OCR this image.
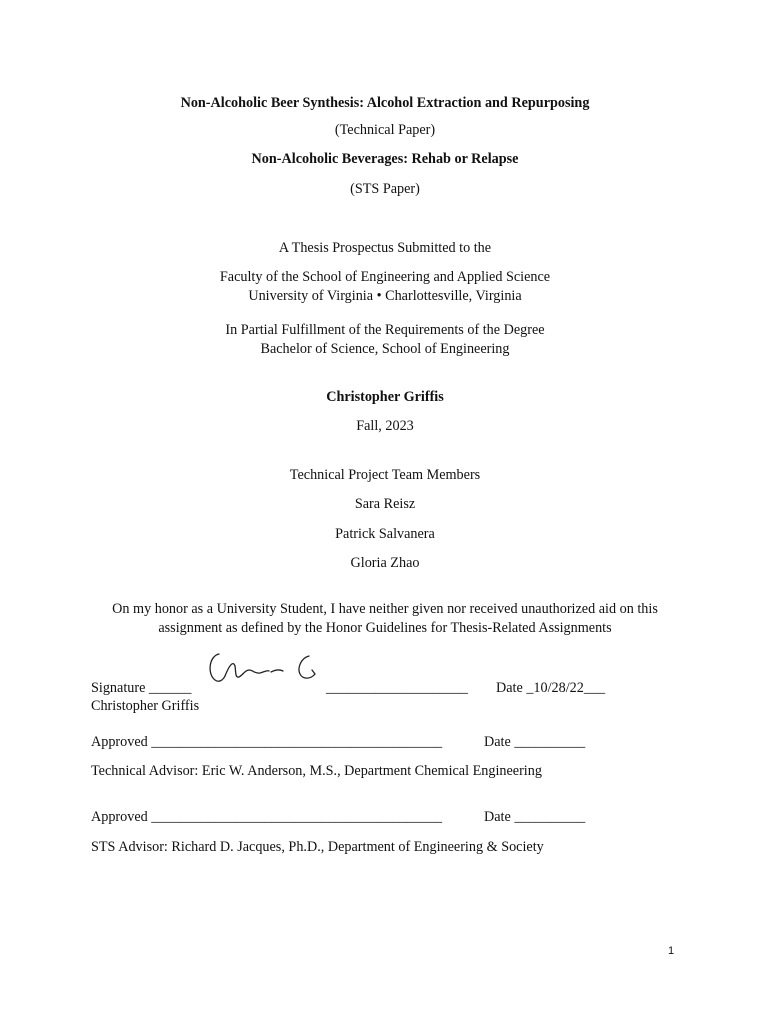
Non-Alcoholic Beer Synthesis: Alcohol Extraction and Repurposing
(Technical Paper)
Non-Alcoholic Beverages: Rehab or Relapse
(STS Paper)
A Thesis Prospectus Submitted to the
Faculty of the School of Engineering and Applied Science
University of Virginia • Charlottesville, Virginia
In Partial Fulfillment of the Requirements of the Degree
Bachelor of Science, School of Engineering
Christopher Griffis
Fall, 2023
Technical Project Team Members
Sara Reisz
Patrick Salvanera
Gloria Zhao
On my honor as a University Student, I have neither given nor received unauthorized aid on this
assignment as defined by the Honor Guidelines for Thesis-Related Assignments
Signature ______	____________________ Date _10/28/22___
Christopher Griffis
Approved _________________________________________	Date __________
Technical Advisor: Eric W. Anderson, M.S., Department Chemical Engineering
Approved _________________________________________	Date __________
STS Advisor: Richard D. Jacques, Ph.D., Department of Engineering & Society
1
